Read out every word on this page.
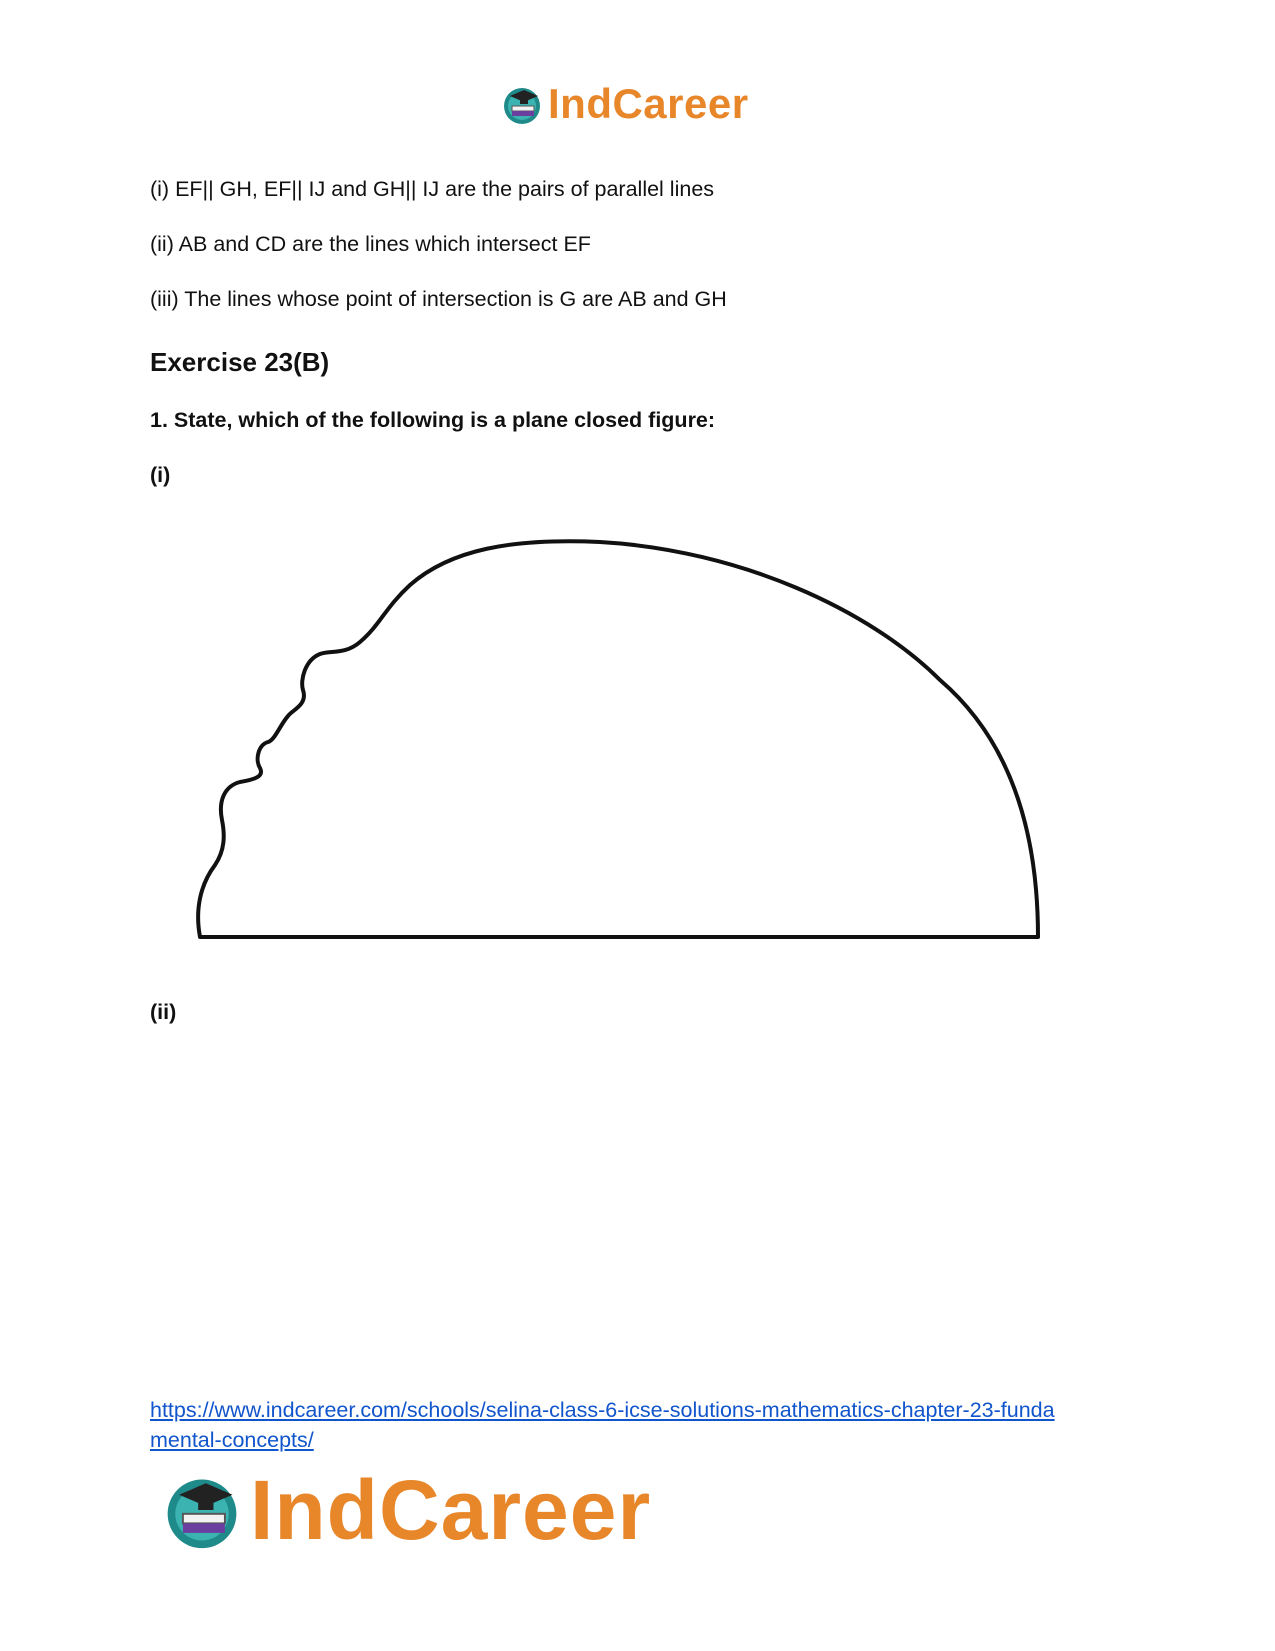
IndCareer
(i) EF|| GH, EF|| IJ and GH|| IJ are the pairs of parallel lines
(ii) AB and CD are the lines which intersect EF
(iii) The lines whose point of intersection is G are AB and GH
Exercise 23(B)
1. State, which of the following is a plane closed figure:
(i)
(ii)
https://www.indcareer.com/schools/selina-class-6-icse-solutions-mathematics-chapter-23-funda
mental-concepts/
IndCareer
